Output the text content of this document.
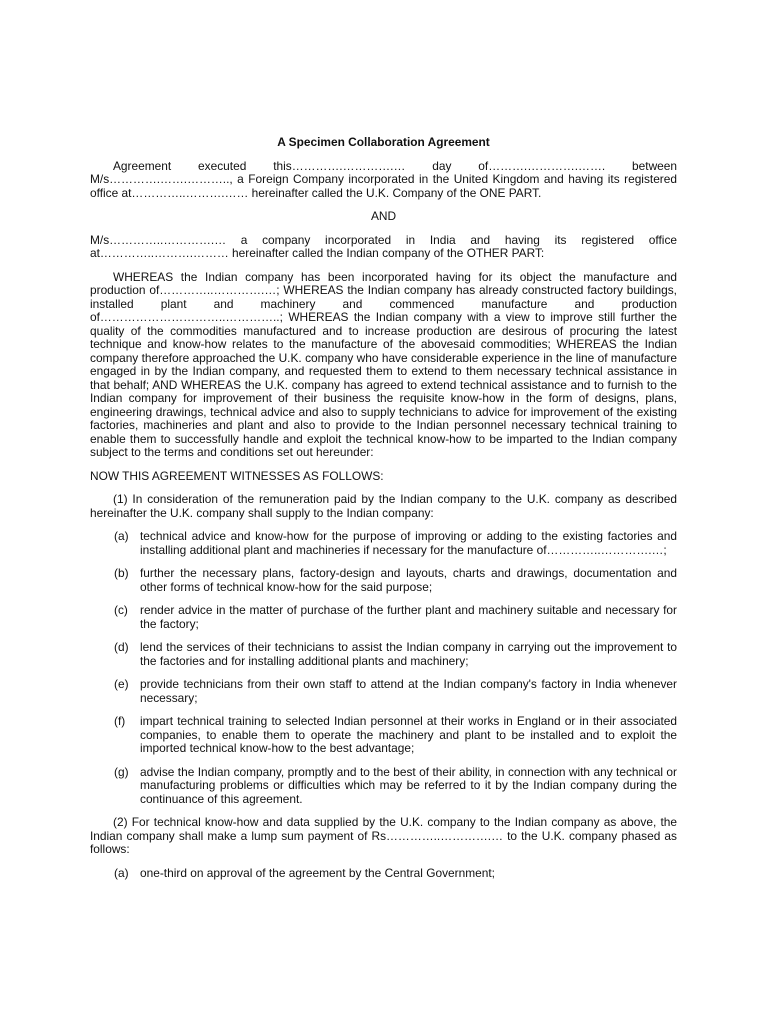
A Specimen Collaboration Agreement

Agreement executed this………….………….… day of……….………….……. between M/s………….…….……….., a Foreign Company incorporated in the United Kingdom and having its registered office at…………..……….…… hereinafter called the U.K. Company of the ONE PART.

AND

M/s…………..………….… a company incorporated in India and having its registered office at…………..……….……… hereinafter called the Indian company of the OTHER PART:

WHEREAS the Indian company has been incorporated having for its object the manufacture and production of…………..………….…; WHEREAS the Indian company has already constructed factory buildings, installed plant and machinery and commenced manufacture and production of…………………………..…………..; WHEREAS the Indian company with a view to improve still further the quality of the commodities manufactured and to increase production are desirous of procuring the latest technique and know-how relates to the manufacture of the abovesaid commodities; WHEREAS the Indian company therefore approached the U.K. company who have considerable experience in the line of manufacture engaged in by the Indian company, and requested them to extend to them necessary technical assistance in that behalf; AND WHEREAS the U.K. company has agreed to extend technical assistance and to furnish to the Indian company for improvement of their business the requisite know-how in the form of designs, plans, engineering drawings, technical advice and also to supply technicians to advice for improvement of the existing factories, machineries and plant and also to provide to the Indian personnel necessary technical training to enable them to successfully handle and exploit the technical know-how to be imparted to the Indian company subject to the terms and conditions set out hereunder:

NOW THIS AGREEMENT WITNESSES AS FOLLOWS:

(1) In consideration of the remuneration paid by the Indian company to the U.K. company as described hereinafter the U.K. company shall supply to the Indian company:

(a) technical advice and know-how for the purpose of improving or adding to the existing factories and installing additional plant and machineries if necessary for the manufacture of…………..………….…;
(b) further the necessary plans, factory-design and layouts, charts and drawings, documentation and other forms of technical know-how for the said purpose;
(c)	render advice in the matter of purchase of the further plant and machinery suitable and necessary for the factory;
(d) lend the services of their technicians to assist the Indian company in carrying out the improvement to the factories and for installing additional plants and machinery;
(e) provide technicians from their own staff to attend at the Indian company's factory in India whenever necessary;
(f)	impart technical training to selected Indian personnel at their works in England or in their associated companies, to enable them to operate the machinery and plant to be installed and to exploit the imported technical know-how to the best advantage;
(g) advise the Indian company, promptly and to the best of their ability, in connection with any technical or manufacturing problems or difficulties which may be referred to it by the Indian company during the continuance of this agreement.

(2) For technical know-how and data supplied by the U.K. company to the Indian company as above, the Indian company shall make a lump sum payment of Rs…………..………….… to the U.K. company phased as follows:

(a) one-third on approval of the agreement by the Central Government;
